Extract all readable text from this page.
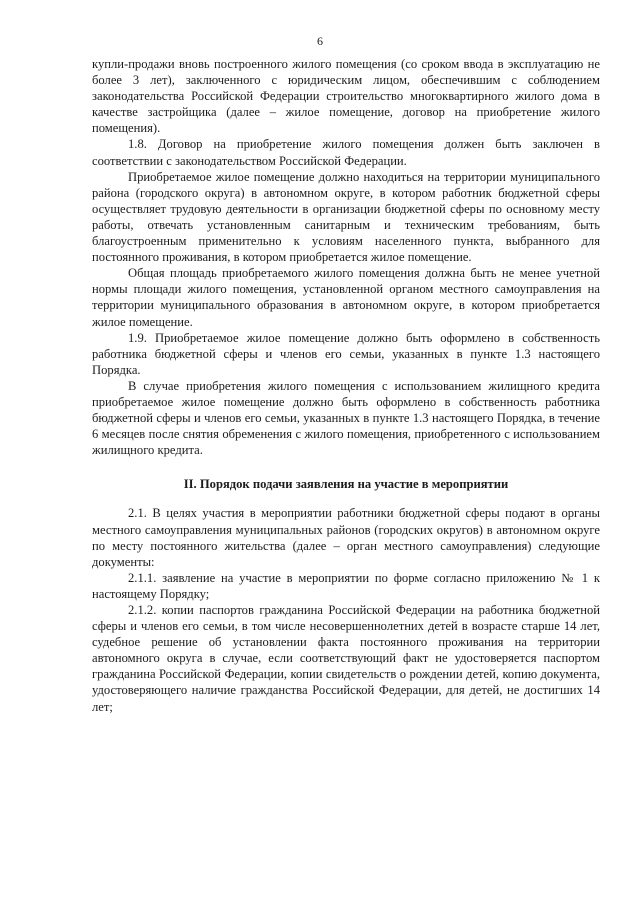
6

купли-продажи вновь построенного жилого помещения (со сроком ввода в эксплуатацию не более 3 лет), заключенного с юридическим лицом, обеспечившим с соблюдением законодательства Российской Федерации строительство многоквартирного жилого дома в качестве застройщика (далее – жилое помещение, договор на приобретение жилого помещения).

1.8. Договор на приобретение жилого помещения должен быть заключен в соответствии с законодательством Российской Федерации.

Приобретаемое жилое помещение должно находиться на территории муниципального района (городского округа) в автономном округе, в котором работник бюджетной сферы осуществляет трудовую деятельности в организации бюджетной сферы по основному месту работы, отвечать установленным санитарным и техническим требованиям, быть благоустроенным применительно к условиям населенного пункта, выбранного для постоянного проживания, в котором приобретается жилое помещение.

Общая площадь приобретаемого жилого помещения должна быть не менее учетной нормы площади жилого помещения, установленной органом местного самоуправления на территории муниципального образования в автономном округе, в котором приобретается жилое помещение.

1.9. Приобретаемое жилое помещение должно быть оформлено в собственность работника бюджетной сферы и членов его семьи, указанных в пункте 1.3 настоящего Порядка.

В случае приобретения жилого помещения с использованием жилищного кредита приобретаемое жилое помещение должно быть оформлено в собственность работника бюджетной сферы и членов его семьи, указанных в пункте 1.3 настоящего Порядка, в течение 6 месяцев после снятия обременения с жилого помещения, приобретенного с использованием жилищного кредита.

II. Порядок подачи заявления на участие в мероприятии

2.1. В целях участия в мероприятии работники бюджетной сферы подают в органы местного самоуправления муниципальных районов (городских округов) в автономном округе по месту постоянного жительства (далее – орган местного самоуправления) следующие документы:

2.1.1. заявление на участие в мероприятии по форме согласно приложению № 1 к настоящему Порядку;

2.1.2. копии паспортов гражданина Российской Федерации на работника бюджетной сферы и членов его семьи, в том числе несовершеннолетних детей в возрасте старше 14 лет, судебное решение об установлении факта постоянного проживания на территории автономного округа в случае, если соответствующий факт не удостоверяется паспортом гражданина Российской Федерации, копии свидетельств о рождении детей, копию документа, удостоверяющего наличие гражданства Российской Федерации, для детей, не достигших 14 лет;
